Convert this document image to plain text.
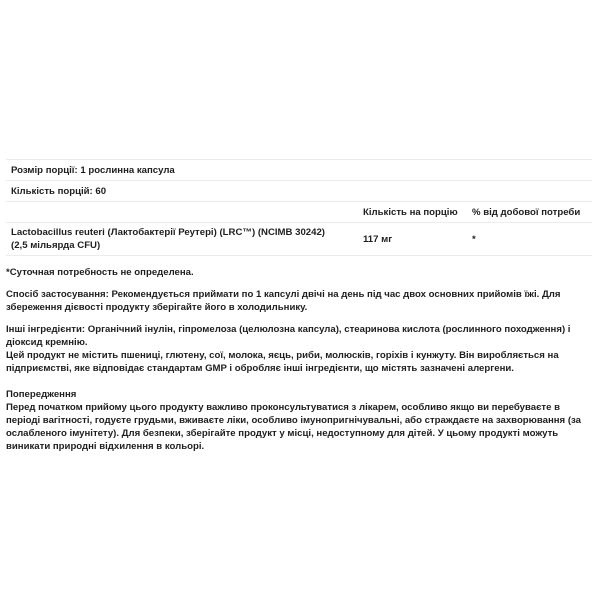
Розмір порції: 1 рослинна капсула
Кількість порцій: 60
Кількість на порцію	% від добової потреби
Lactobacillus reuteri (Лактобактерії Реутері) (LRC™) (NCIMB 30242)
(2,5 мільярда CFU)
117 мг	*

*Суточная потребность не определена.

Спосіб застосування: Рекомендується приймати по 1 капсулі двічі на день під час двох основних прийомів їжі. Для збереження дієвості продукту зберігайте його в холодильнику.

Інші інгредієнти: Органічний інулін, гіпромелоза (целюлозна капсула), стеаринова кислота (рослинного походження) і діоксид кремнію.

Цей продукт не містить пшениці, глютену, сої, молока, яєць, риби, молюсків, горіхів і кунжуту. Він виробляється на підприємстві, яке відповідає стандартам GMP і обробляє інші інгредієнти, що містять зазначені алергени.

Попередження

Перед початком прийому цього продукту важливо проконсультуватися з лікарем, особливо якщо ви перебуваєте в періоді вагітності, годуєте грудьми, вживаєте ліки, особливо імунопригнічувальні, або страждаєте на захворювання (за ослабленого імунітету). Для безпеки, зберігайте продукт у місці, недоступному для дітей. У цьому продукті можуть виникати природні відхилення в кольорі.
